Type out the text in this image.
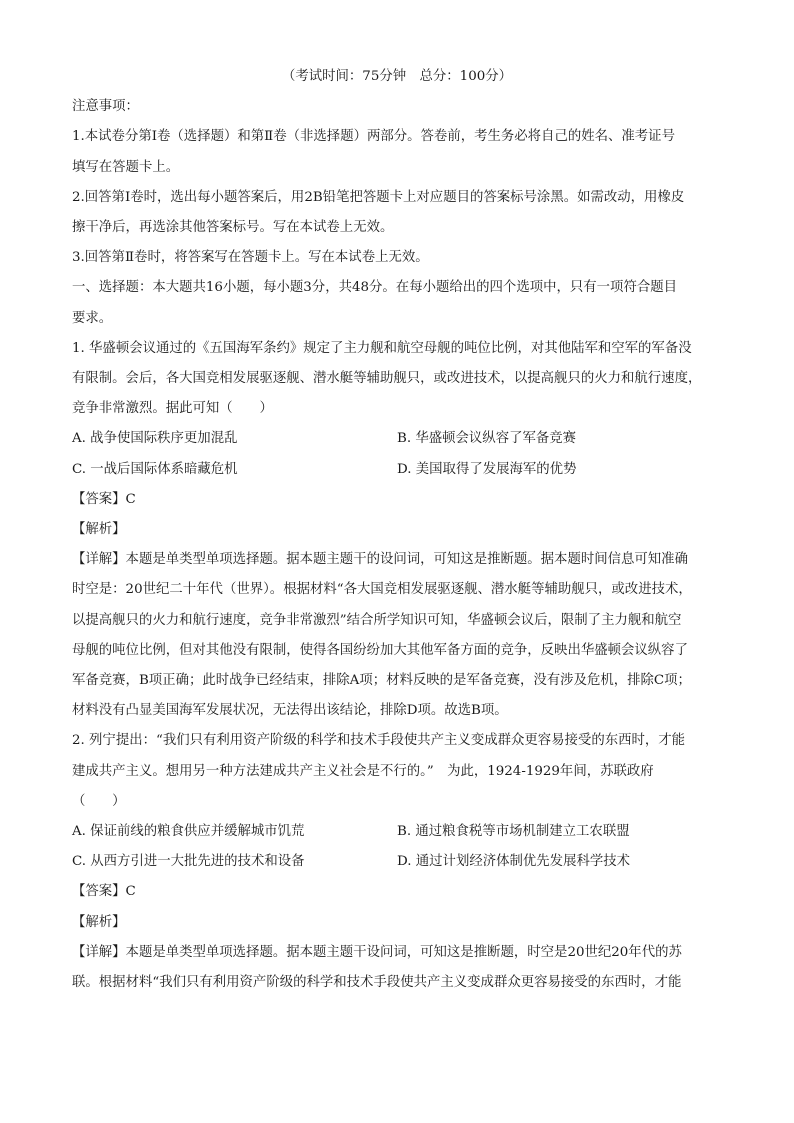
（考试时间：75分钟　总分：100分）

注意事项：

1.本试卷分第Ⅰ卷（选择题）和第Ⅱ卷（非选择题）两部分。答卷前，考生务必将自己的姓名、准考证号

填写在答题卡上。

2.回答第Ⅰ卷时，选出每小题答案后，用2B铅笔把答题卡上对应题目的答案标号涂黑。如需改动，用橡皮

擦干净后，再选涂其他答案标号。写在本试卷上无效。

3.回答第Ⅱ卷时，将答案写在答题卡上。写在本试卷上无效。

一、选择题：本大题共16小题，每小题3分，共48分。在每小题给出的四个选项中，只有一项符合题目

要求。

1. 华盛顿会议通过的《五国海军条约》规定了主力舰和航空母舰的吨位比例，对其他陆军和空军的军备没

有限制。会后，各大国竞相发展驱逐舰、潜水艇等辅助舰只，或改进技术，以提高舰只的火力和航行速度，

竞争非常激烈。据此可知（　　）

A. 战争使国际秩序更加混乱	B. 华盛顿会议纵容了军备竞赛
C. 一战后国际体系暗藏危机	D. 美国取得了发展海军的优势

【答案】C

【解析】

【详解】本题是单类型单项选择题。据本题主题干的设问词，可知这是推断题。据本题时间信息可知准确

时空是：20世纪二十年代（世界）。根据材料“各大国竞相发展驱逐舰、潜水艇等辅助舰只，或改进技术，

以提高舰只的火力和航行速度，竞争非常激烈”结合所学知识可知，华盛顿会议后，限制了主力舰和航空

母舰的吨位比例，但对其他没有限制，使得各国纷纷加大其他军备方面的竞争，反映出华盛顿会议纵容了

军备竞赛，B项正确；此时战争已经结束，排除A项；材料反映的是军备竞赛，没有涉及危机，排除C项；

材料没有凸显美国海军发展状况，无法得出该结论，排除D项。故选B项。

2. 列宁提出：“我们只有利用资产阶级的科学和技术手段使共产主义变成群众更容易接受的东西时，才能

建成共产主义。想用另一种方法建成共产主义社会是不行的。”　为此，1924-1929年间，苏联政府

（　　）

A. 保证前线的粮食供应并缓解城市饥荒	B. 通过粮食税等市场机制建立工农联盟
C. 从西方引进一大批先进的技术和设备	D. 通过计划经济体制优先发展科学技术

【答案】C

【解析】

【详解】本题是单类型单项选择题。据本题主题干设问词，可知这是推断题，时空是20世纪20年代的苏

联。根据材料“我们只有利用资产阶级的科学和技术手段使共产主义变成群众更容易接受的东西时，才能
